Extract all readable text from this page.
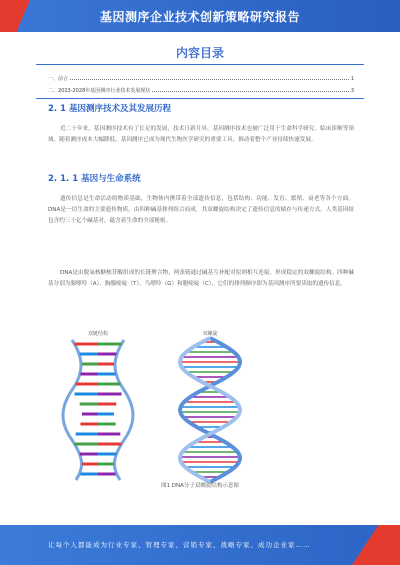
基因测序企业技术创新策略研究报告
内容目录
一、前言	1
二、2023-2028年基因测序行业技术发展现状	3
2. 1 基因测序技术及其发展历程
近二十年来，基因测序技术有了长足的发展，技术日新月异。基因测序技术也被广泛用于生命科学研究、临床诊断等领域。随着测序成本大幅降低，基因测序已成为现代生物医学研究的重要工具，推动着整个产业持续快速发展。
2. 1. 1 基因与生命系统
遗传信息是生命活动的物质基础，生物体内携带着全部遗传信息，包括结构、功能、发育、繁殖、衰老等各个方面。DNA是一切生命的主要遗传物质，由四种碱基排列组合而成，其双螺旋结构决定了遗传信息的储存与传递方式。人类基因组包含约三十亿个碱基对，蕴含着生命的全部秘密。
DNA是由脱氧核糖核苷酸组成的长链聚合物，两条链通过碱基互补配对原则相互连接，形成稳定的双螺旋结构。四种碱基分别为腺嘌呤（A）、胸腺嘧啶（T）、鸟嘌呤（G）和胞嘧啶（C），它们的排列顺序即为基因测序所要读取的遗传信息。
双链结构	双螺旋
图1 DNA分子双螺旋结构示意图
让每个人都能成为行业专家、管理专家、营销专家、战略专家、成功企业家……
